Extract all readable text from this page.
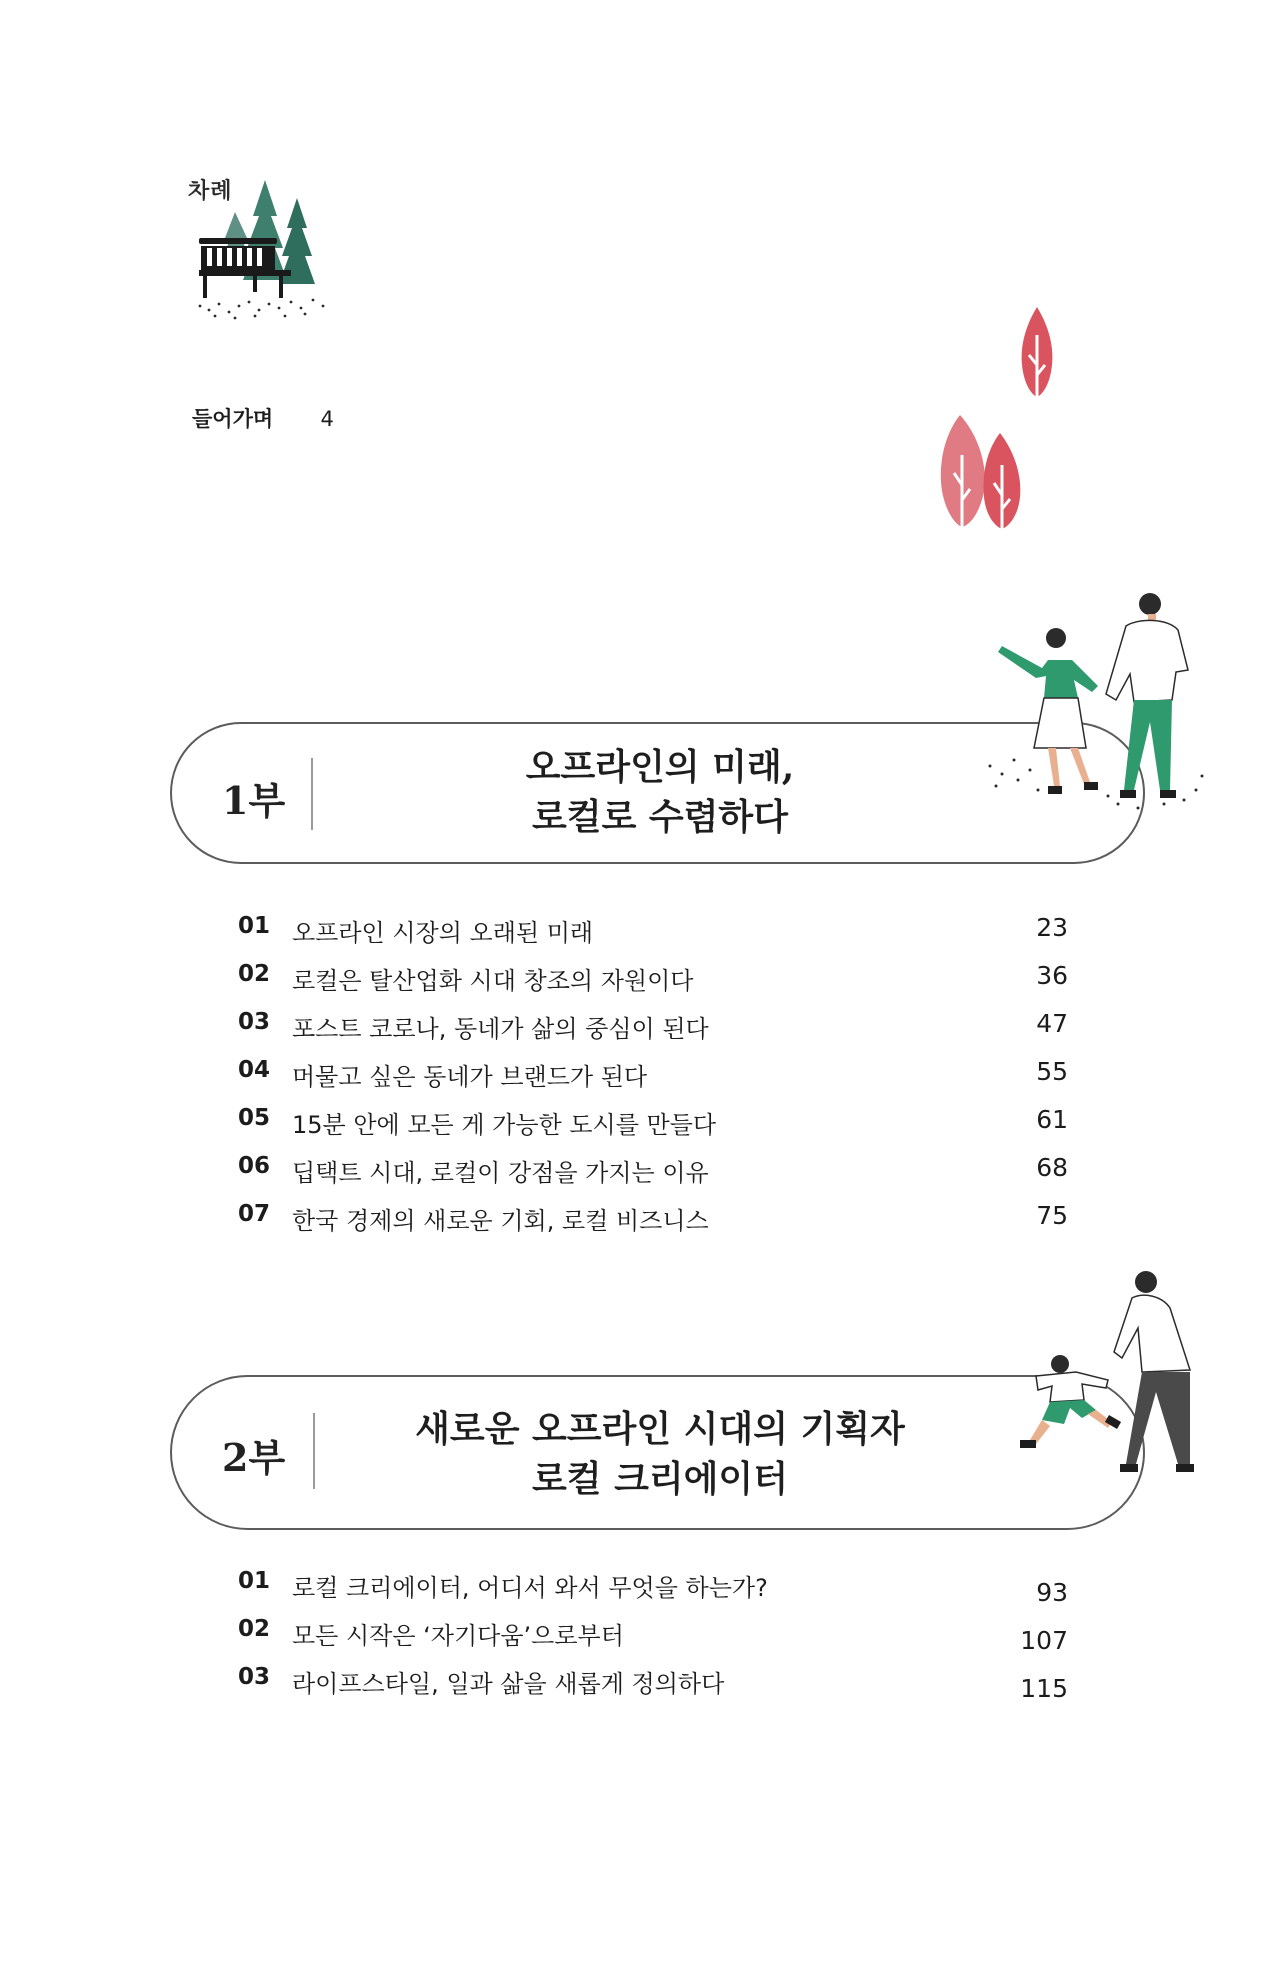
차례
들어가며 4
1부
오프라인의 미래,
로컬로 수렴하다
01 오프라인 시장의 오래된 미래	23
02 로컬은 탈산업화 시대 창조의 자원이다	36
03 포스트 코로나, 동네가 삶의 중심이 된다	47
04 머물고 싶은 동네가 브랜드가 된다	55
05 15분 안에 모든 게 가능한 도시를 만들다	61
06 딥택트 시대, 로컬이 강점을 가지는 이유	68
07 한국 경제의 새로운 기회, 로컬 비즈니스	75
2부
새로운 오프라인 시대의 기획자
로컬 크리에이터
01 로컬 크리에이터, 어디서 와서 무엇을 하는가?	93
02 모든 시작은 ‘자기다움’으로부터	107
03 라이프스타일, 일과 삶을 새롭게 정의하다	115
